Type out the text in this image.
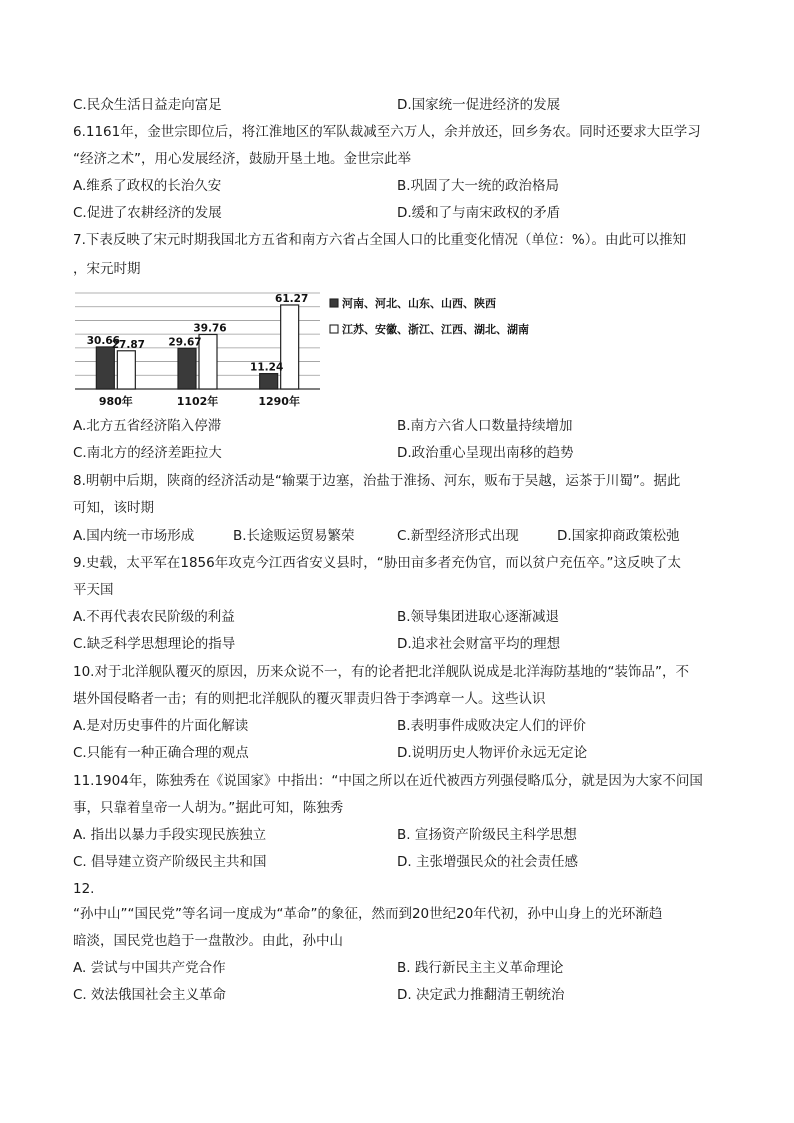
C.民众生活日益走向富足	D.国家统一促进经济的发展
6.1161年，金世宗即位后，将江淮地区的军队裁减至六万人，余并放还，回乡务农。同时还要求大臣学习
“经济之术”，用心发展经济，鼓励开垦土地。金世宗此举
A.维系了政权的长治久安	B.巩固了大一统的政治格局
C.促进了农耕经济的发展	D.缓和了与南宋政权的矛盾
7.下表反映了宋元时期我国北方五省和南方六省占全国人口的比重变化情况（单位：%）。由此可以推知
，宋元时期
30.66
27.87 29.67
39.76
11.24
61.27
980年	1102年	1290年
河南、河北、山东、山西、陕西
江苏、安徽、浙江、江西、湖北、湖南
A.北方五省经济陷入停滞	B.南方六省人口数量持续增加
C.南北方的经济差距拉大	D.政治重心呈现出南移的趋势
8.明朝中后期，陕商的经济活动是“输粟于边塞，治盐于淮扬、河东，贩布于吴越，运茶于川蜀”。据此
可知，该时期
A.国内统一市场形成	B.长途贩运贸易繁荣	C.新型经济形式出现	D.国家抑商政策松弛
9.史载，太平军在1856年攻克今江西省安义县时，“胁田亩多者充伪官，而以贫户充伍卒。”这反映了太
平天国
A.不再代表农民阶级的利益	B.领导集团进取心逐渐减退
C.缺乏科学思想理论的指导	D.追求社会财富平均的理想
10.对于北洋舰队覆灭的原因，历来众说不一，有的论者把北洋舰队说成是北洋海防基地的“装饰品”，不
堪外国侵略者一击；有的则把北洋舰队的覆灭罪责归咎于李鸿章一人。这些认识
A.是对历史事件的片面化解读	B.表明事件成败决定人们的评价
C.只能有一种正确合理的观点	D.说明历史人物评价永远无定论
11.1904年，陈独秀在《说国家》中指出：“中国之所以在近代被西方列强侵略瓜分，就是因为大家不问国
事，只靠着皇帝一人胡为。”据此可知，陈独秀
A. 指出以暴力手段实现民族独立	B. 宣扬资产阶级民主科学思想
C. 倡导建立资产阶级民主共和国	D. 主张增强民众的社会责任感
12.
“孙中山”“国民党”等名词一度成为“革命”的象征，然而到20世纪20年代初，孙中山身上的光环渐趋
暗淡，国民党也趋于一盘散沙。由此，孙中山
A. 尝试与中国共产党合作	B. 践行新民主主义革命理论
C. 效法俄国社会主义革命	D. 决定武力推翻清王朝统治
